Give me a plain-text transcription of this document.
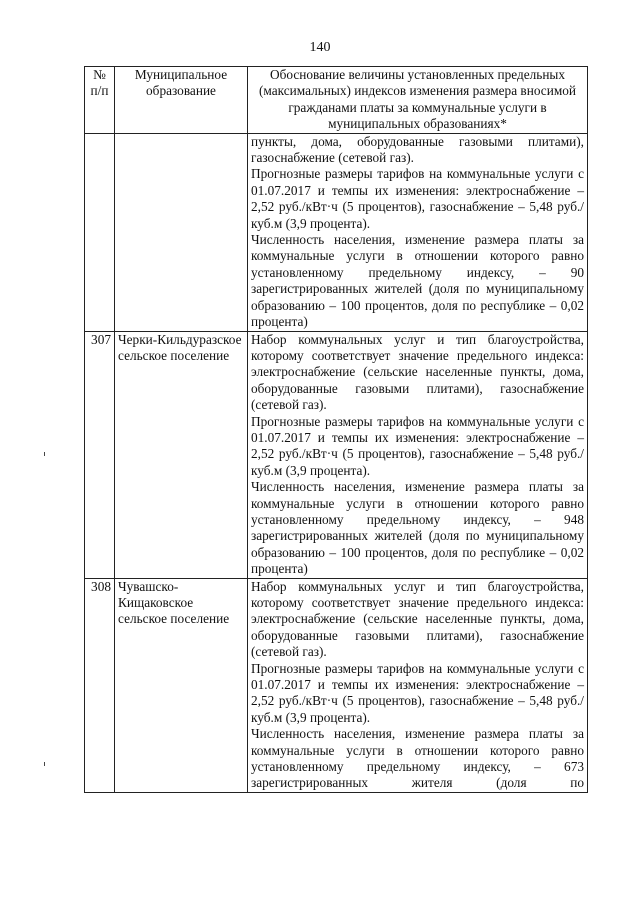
140
№ п/п	Муниципальное образование	Обоснование величины установленных предельных (максимальных) индексов изменения размера вносимой гражданами платы за коммунальные услуги в муниципальных образованиях*

		пункты, дома, оборудованные газовыми плитами), газоснабжение (сетевой газ).
Прогнозные размеры тарифов на коммунальные услуги с 01.07.2017 и темпы их изменения: электроснабжение – 2,52 руб./кВт·ч (5 процентов), газоснабжение – 5,48 руб./куб.м (3,9 процента).
Численность населения, изменение размера платы за коммунальные услуги в отношении которого равно установленному предельному индексу, – 90 зарегистрированных жителей (доля по муниципальному образованию – 100 процентов, доля по республике – 0,02 процента)

307	Черки-Кильдуразское сельское поселение	Набор коммунальных услуг и тип благоустройства, которому соответствует значение предельного индекса: электроснабжение (сельские населенные пункты, дома, оборудованные газовыми плитами), газоснабжение (сетевой газ).
Прогнозные размеры тарифов на коммунальные услуги с 01.07.2017 и темпы их изменения: электроснабжение – 2,52 руб./кВт·ч (5 процентов), газоснабжение – 5,48 руб./куб.м (3,9 процента).
Численность населения, изменение размера платы за коммунальные услуги в отношении которого равно установленному предельному индексу, – 948 зарегистрированных жителей (доля по муниципальному образованию – 100 процентов, доля по республике – 0,02 процента)

308	Чувашско-Кищаковское сельское поселение	Набор коммунальных услуг и тип благоустройства, которому соответствует значение предельного индекса: электроснабжение (сельские населенные пункты, дома, оборудованные газовыми плитами), газоснабжение (сетевой газ).
Прогнозные размеры тарифов на коммунальные услуги с 01.07.2017 и темпы их изменения: электроснабжение – 2,52 руб./кВт·ч (5 процентов), газоснабжение – 5,48 руб./куб.м (3,9 процента).
Численность населения, изменение размера платы за коммунальные услуги в отношении которого равно установленному предельному индексу, – 673 зарегистрированных жителя (доля по
